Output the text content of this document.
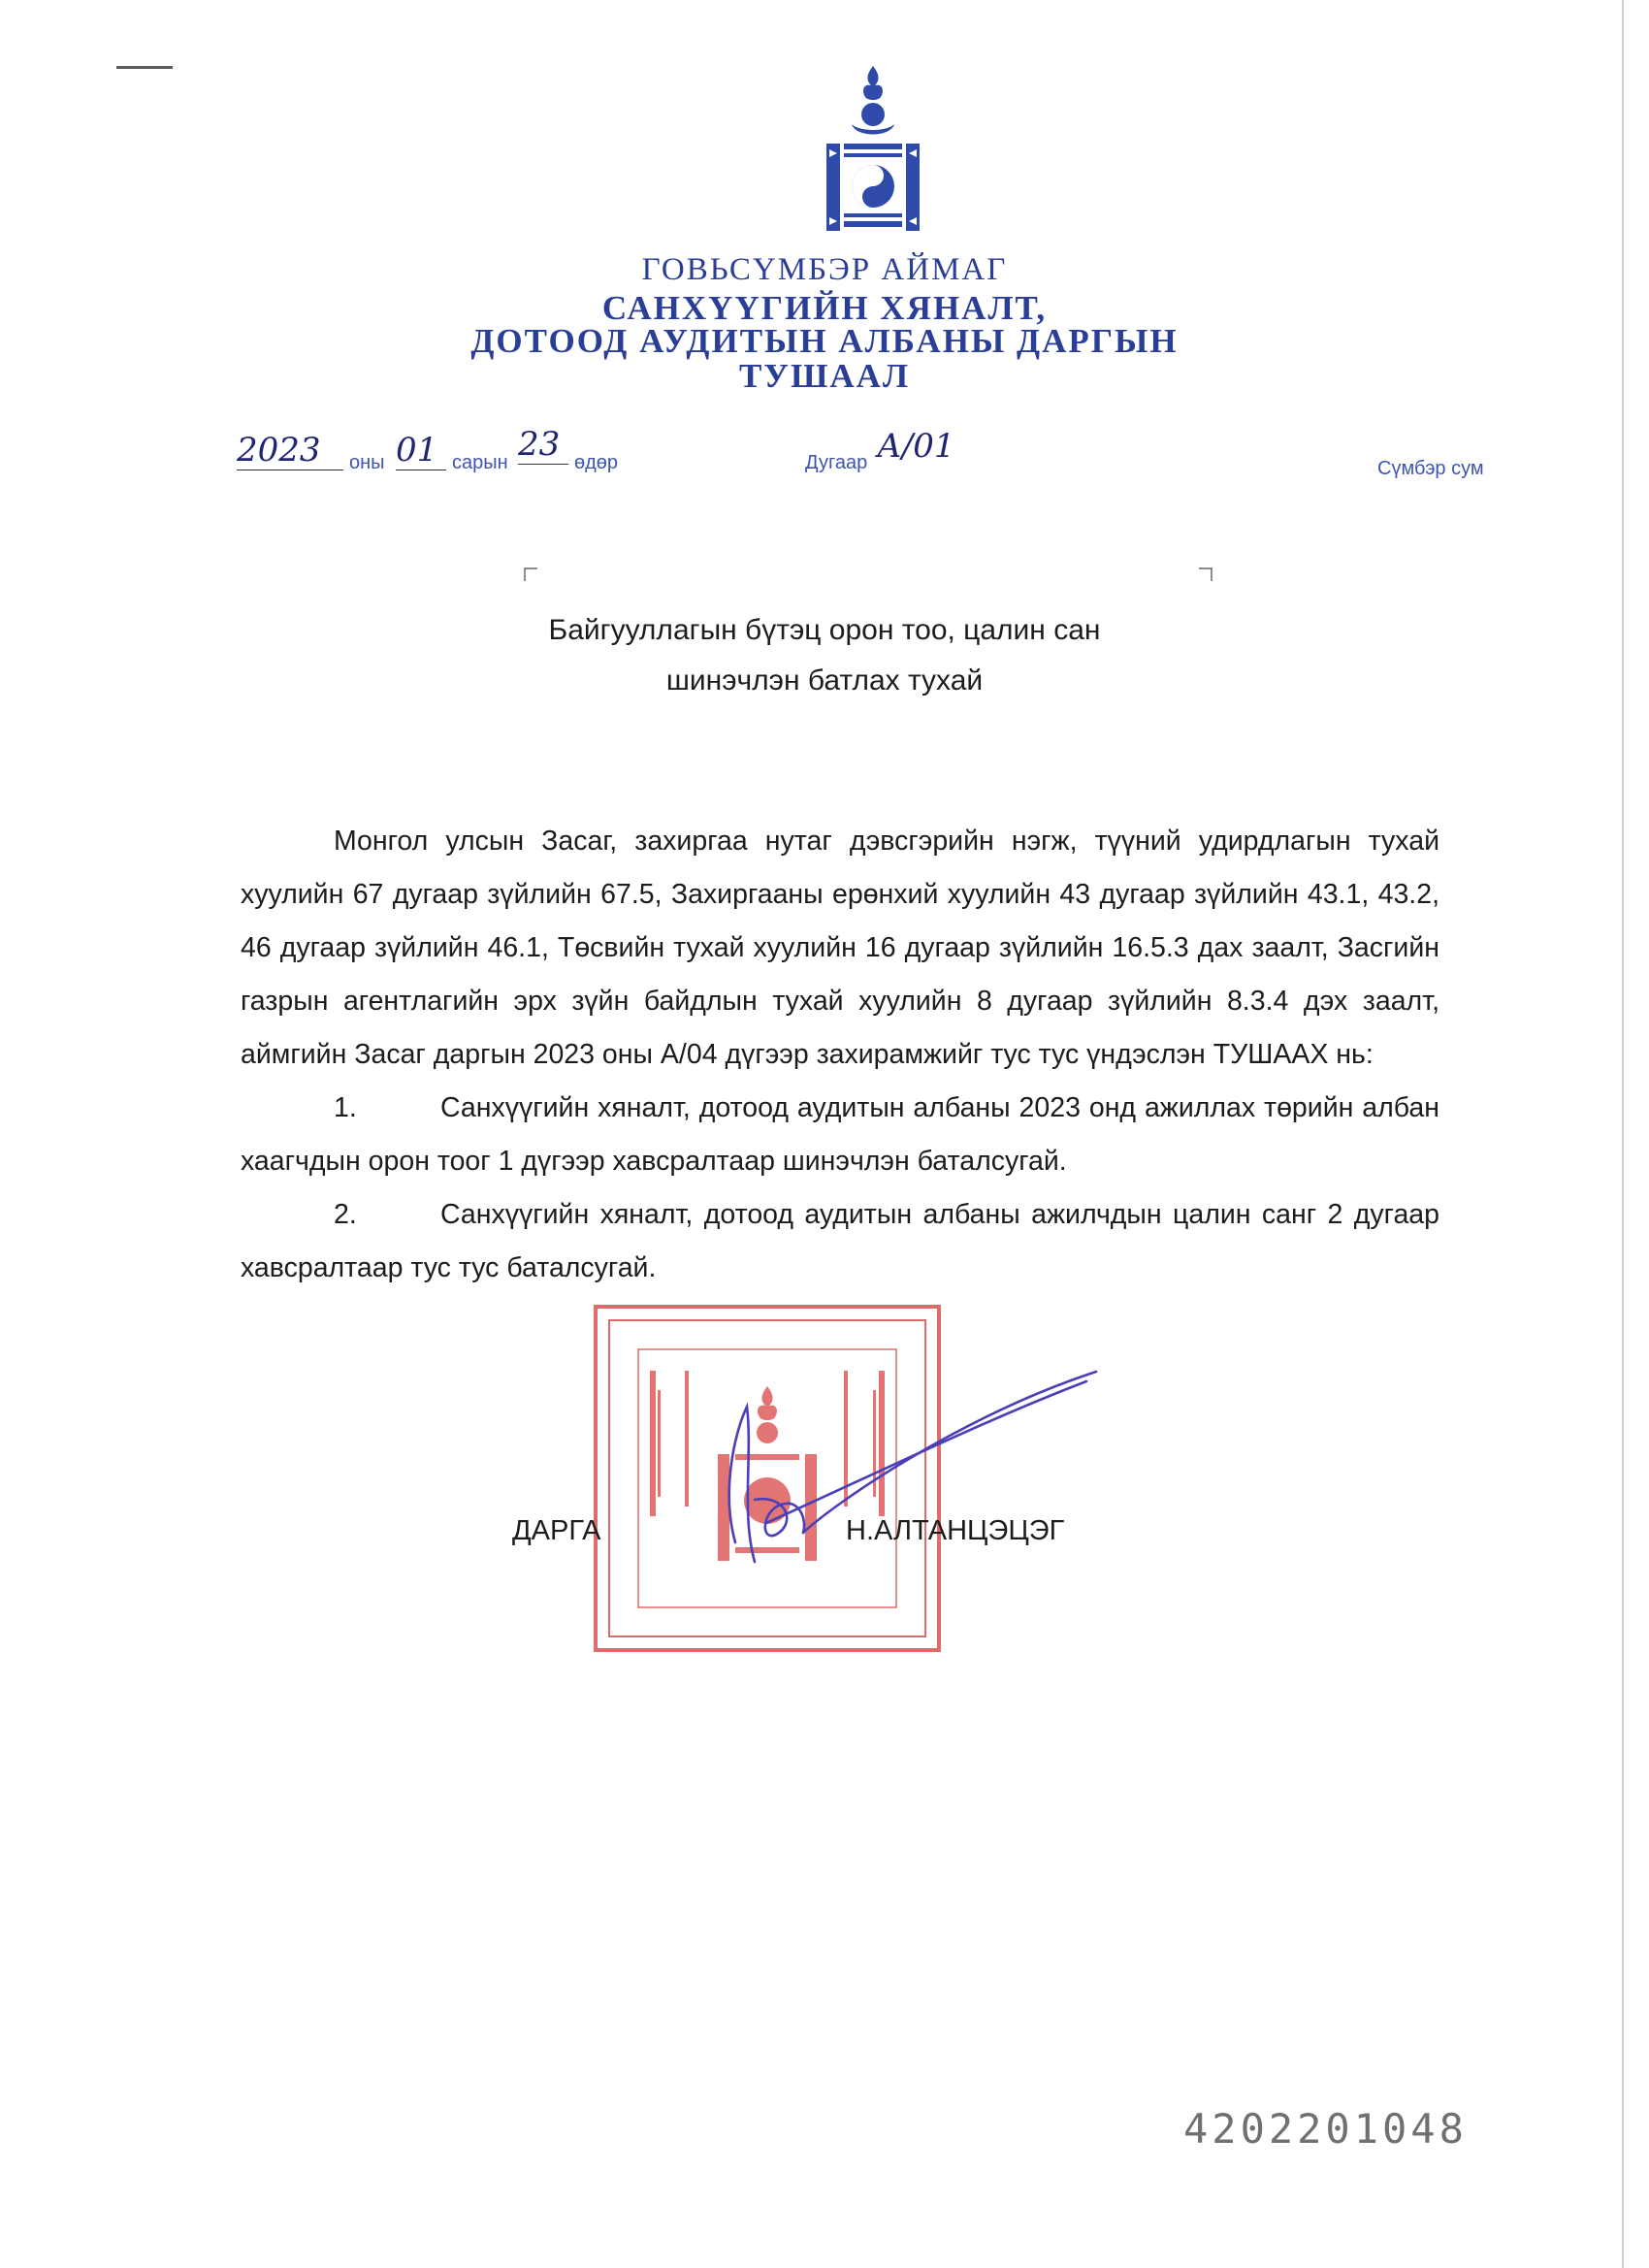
ГОВЬСҮМБЭР АЙМАГ
САНХҮҮГИЙН ХЯНАЛТ,
ДОТООД АУДИТЫН АЛБАНЫ ДАРГЫН
ТУШААЛ
2023	оны 01 сарын 23 өдөр	Дугаар А/01
Сүмбэр сум
Байгууллагын бүтэц орон тоо, цалин сан
шинэчлэн батлах тухай

Монгол улсын Засаг, захиргаа нутаг дэвсгэрийн нэгж, түүний удирдлагын тухай хуулийн 67 дугаар зүйлийн 67.5, Захиргааны ерөнхий хуулийн 43 дугаар зүйлийн 43.1, 43.2, 46 дугаар зүйлийн 46.1, Төсвийн тухай хуулийн 16 дугаар зүйлийн 16.5.3 дах заалт, Засгийн газрын агентлагийн эрх зүйн байдлын тухай хуулийн 8 дугаар зүйлийн 8.3.4 дэх заалт, аймгийн Засаг даргын 2023 оны А/04 дүгээр захирамжийг тус тус үндэслэн ТУШААХ нь:

1.	Санхүүгийн хяналт, дотоод аудитын албаны 2023 онд ажиллах төрийн албан хаагчдын орон тоог 1 дүгээр хавсралтаар шинэчлэн баталсугай.

2.	Санхүүгийн хяналт, дотоод аудитын албаны ажилчдын цалин санг 2 дугаар хавсралтаар тус тус баталсугай.

ДАРГА	Н.АЛТАНЦЭЦЭГ
4202201048
